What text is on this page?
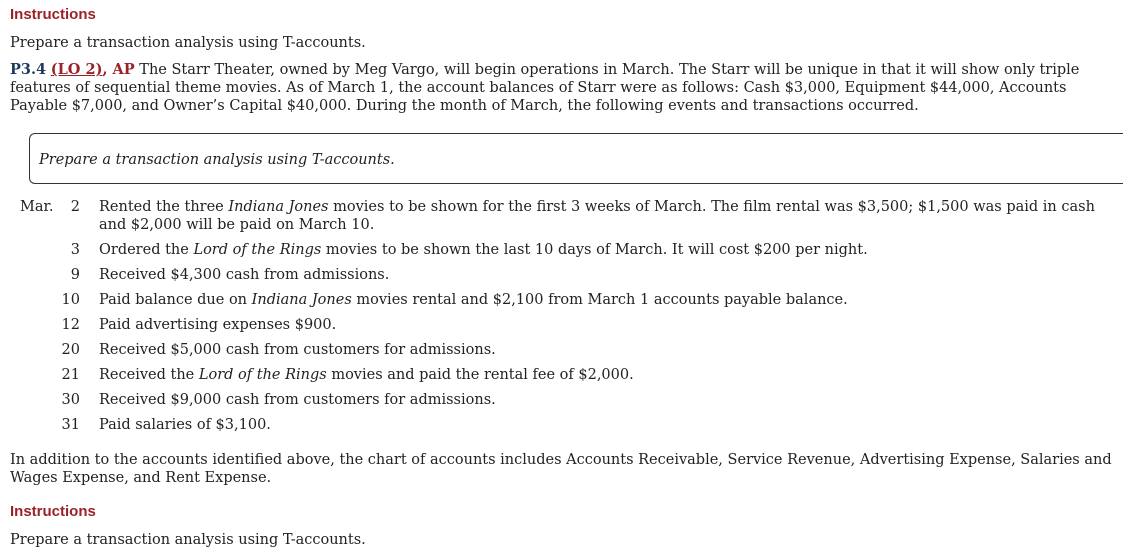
Instructions
Prepare a transaction analysis using T-accounts.
P3.4 (LO 2), AP The Starr Theater, owned by Meg Vargo, will begin operations in March. The Starr will be unique in that it will show only triple features of sequential theme movies. As of March 1, the account balances of Starr were as follows: Cash $3,000, Equipment $44,000, Accounts Payable $7,000, and Owner’s Capital $40,000. During the month of March, the following events and transactions occurred.
Prepare a transaction analysis using T-accounts.
Mar.	2 Rented the three Indiana Jones movies to be shown for the first 3 weeks of March. The film rental was $3,500; $1,500 was paid in cash and $2,000 will be paid on March 10.
3 Ordered the Lord of the Rings movies to be shown the last 10 days of March. It will cost $200 per night.
9 Received $4,300 cash from admissions.
10 Paid balance due on Indiana Jones movies rental and $2,100 from March 1 accounts payable balance.
12 Paid advertising expenses $900.
20 Received $5,000 cash from customers for admissions.
21 Received the Lord of the Rings movies and paid the rental fee of $2,000.
30 Received $9,000 cash from customers for admissions.
31 Paid salaries of $3,100.
In addition to the accounts identified above, the chart of accounts includes Accounts Receivable, Service Revenue, Advertising Expense, Salaries and Wages Expense, and Rent Expense.
Instructions
Prepare a transaction analysis using T-accounts.
